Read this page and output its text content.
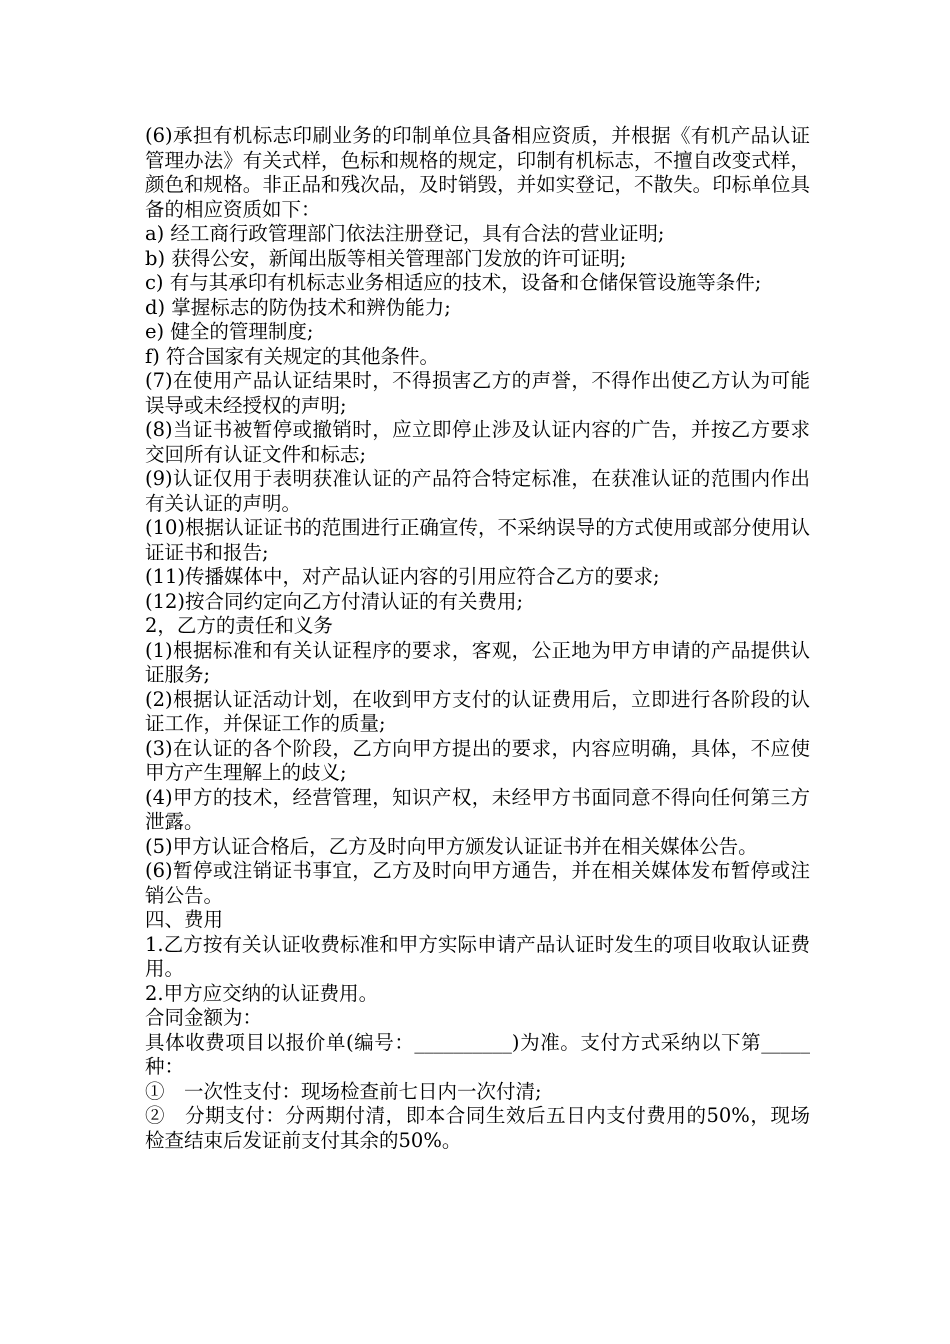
(6)承担有机标志印刷业务的印制单位具备相应资质，并根据《有机产品认证管理办法》有关式样，色标和规格的规定，印制有机标志，不擅自改变式样，颜色和规格。非正品和残次品，及时销毁，并如实登记，不散失。印标单位具备的相应资质如下：

a) 经工商行政管理部门依法注册登记，具有合法的营业证明;

b) 获得公安，新闻出版等相关管理部门发放的许可证明;

c) 有与其承印有机标志业务相适应的技术，设备和仓储保管设施等条件;

d) 掌握标志的防伪技术和辨伪能力;

e) 健全的管理制度;

f) 符合国家有关规定的其他条件。

(7)在使用产品认证结果时，不得损害乙方的声誉，不得作出使乙方认为可能误导或未经授权的声明;

(8)当证书被暂停或撤销时，应立即停止涉及认证内容的广告，并按乙方要求交回所有认证文件和标志;

(9)认证仅用于表明获准认证的产品符合特定标准，在获准认证的范围内作出有关认证的声明。

(10)根据认证证书的范围进行正确宣传，不采纳误导的方式使用或部分使用认证证书和报告;

(11)传播媒体中，对产品认证内容的引用应符合乙方的要求;

(12)按合同约定向乙方付清认证的有关费用;

2，乙方的责任和义务

(1)根据标准和有关认证程序的要求，客观，公正地为甲方申请的产品提供认证服务;

(2)根据认证活动计划，在收到甲方支付的认证费用后，立即进行各阶段的认证工作，并保证工作的质量;

(3)在认证的各个阶段，乙方向甲方提出的要求，内容应明确，具体，不应使甲方产生理解上的歧义;

(4)甲方的技术，经营管理，知识产权，未经甲方书面同意不得向任何第三方泄露。

(5)甲方认证合格后，乙方及时向甲方颁发认证证书并在相关媒体公告。

(6)暂停或注销证书事宜，乙方及时向甲方通告，并在相关媒体发布暂停或注销公告。

四、费用

1.乙方按有关认证收费标准和甲方实际申请产品认证时发生的项目收取认证费用。

2.甲方应交纳的认证费用。

合同金额为：

具体收费项目以报价单(编号：__________)为准。支付方式采纳以下第_____种：

①　一次性支付：现场检查前七日内一次付清;

②　分期支付：分两期付清，即本合同生效后五日内支付费用的50%，现场检查结束后发证前支付其余的50%。
